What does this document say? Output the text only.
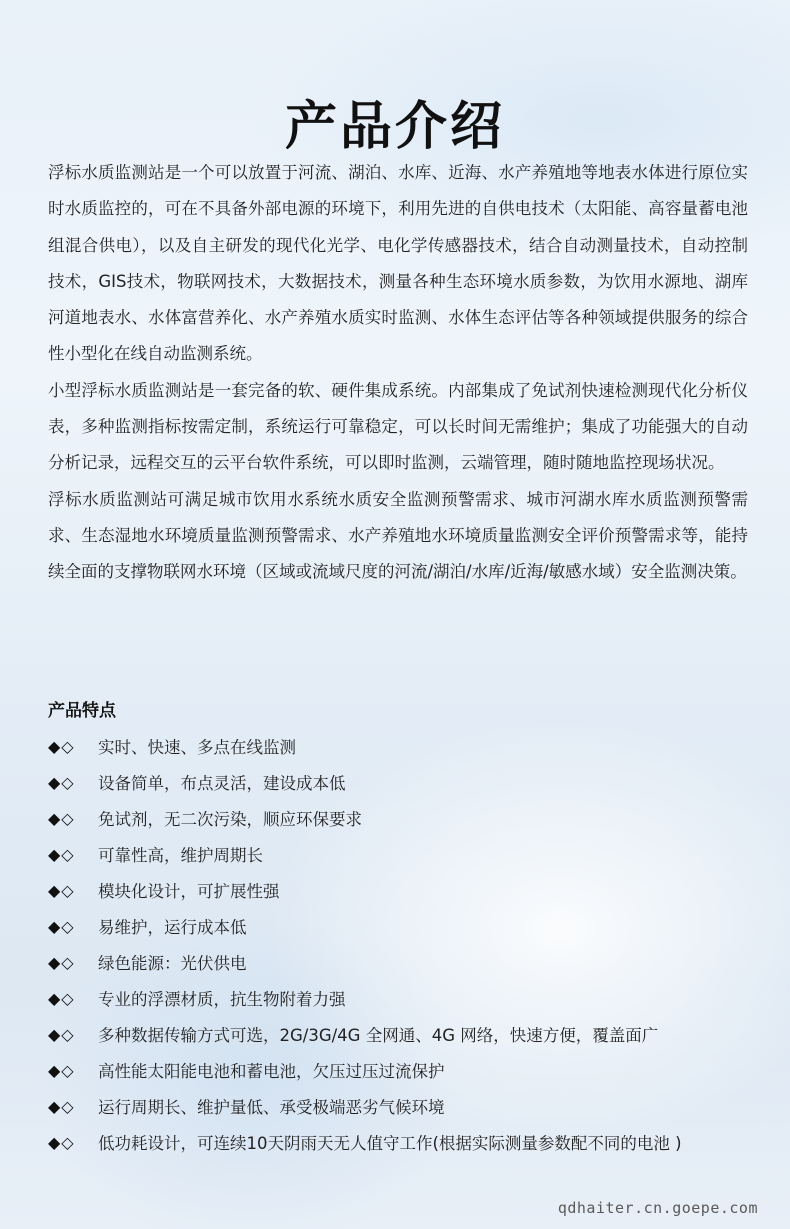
产品介绍

浮标水质监测站是一个可以放置于河流、湖泊、水库、近海、水产养殖地等地表水体进行原位实时水质监控的，可在不具备外部电源的环境下，利用先进的自供电技术（太阳能、高容量蓄电池组混合供电），以及自主研发的现代化光学、电化学传感器技术，结合自动测量技术，自动控制技术，GIS技术，物联网技术，大数据技术，测量各种生态环境水质参数，为饮用水源地、湖库河道地表水、水体富营养化、水产养殖水质实时监测、水体生态评估等各种领域提供服务的综合性小型化在线自动监测系统。

小型浮标水质监测站是一套完备的软、硬件集成系统。内部集成了免试剂快速检测现代化分析仪表，多种监测指标按需定制，系统运行可靠稳定，可以长时间无需维护；集成了功能强大的自动分析记录，远程交互的云平台软件系统，可以即时监测，云端管理，随时随地监控现场状况。

浮标水质监测站可满足城市饮用水系统水质安全监测预警需求、城市河湖水库水质监测预警需求、生态湿地水环境质量监测预警需求、水产养殖地水环境质量监测安全评价预警需求等，能持续全面的支撑物联网水环境（区域或流域尺度的河流/湖泊/水库/近海/敏感水域）安全监测决策。

产品特点
◆◇	实时、快速、多点在线监测
◆◇	设备简单，布点灵活，建设成本低
◆◇	免试剂，无二次污染，顺应环保要求
◆◇	可靠性高，维护周期长
◆◇	模块化设计，可扩展性强
◆◇	易维护，运行成本低
◆◇	绿色能源：光伏供电
◆◇	专业的浮漂材质，抗生物附着力强
◆◇	多种数据传输方式可选，2G/3G/4G 全网通、4G 网络，快速方便，覆盖面广
◆◇	高性能太阳能电池和蓄电池，欠压过压过流保护
◆◇	运行周期长、维护量低、承受极端恶劣气候环境
◆◇	低功耗设计，可连续10天阴雨天无人值守工作(根据实际测量参数配不同的电池 )
qdhaiter.cn.goepe.com
